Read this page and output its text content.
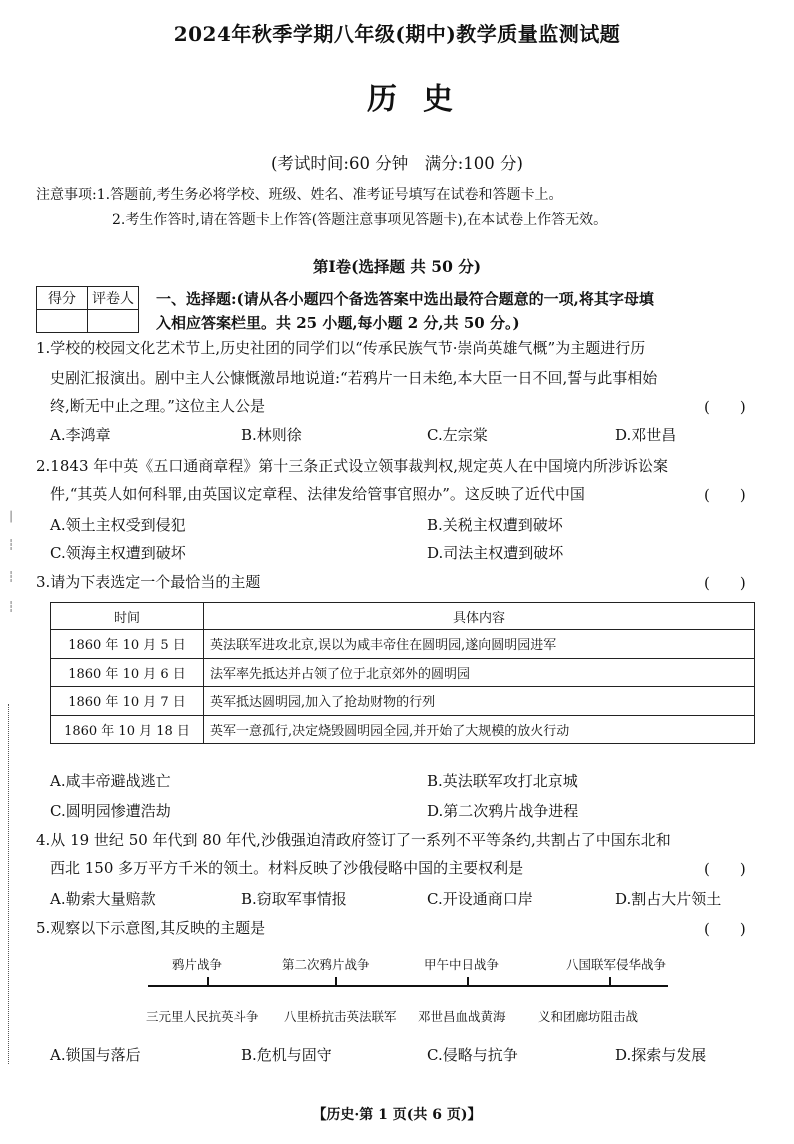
2024年秋季学期八年级(期中)教学质量监测试题
历史
(考试时间:60 分钟　满分:100 分)
注意事项:1.答题前,考生务必将学校、班级、姓名、准考证号填写在试卷和答题卡上。
2.考生作答时,请在答题卡上作答(答题注意事项见答题卡),在本试卷上作答无效。
第Ⅰ卷(选择题 共 50 分)
得分	评卷人
	一、选择题:(请从各小题四个备选答案中选出最符合题意的一项,将其字母填
入相应答案栏里。共 25 小题,每小题 2 分,共 50 分。)
1.学校的校园文化艺术节上,历史社团的同学们以“传承民族气节·崇尚英雄气概”为主题进行历
史剧汇报演出。剧中主人公慷慨激昂地说道:“若鸦片一日未绝,本大臣一日不回,誓与此事相始
终,断无中止之理。”这位主人公是	(　　)
A.李鸿章	B.林则徐	C.左宗棠	D.邓世昌
2.1843 年中英《五口通商章程》第十三条正式设立领事裁判权,规定英人在中国境内所涉诉讼案
件,“其英人如何科罪,由英国议定章程、法律发给管事官照办”。这反映了近代中国	(　　)
A.领土主权受到侵犯	B.关税主权遭到破坏
C.领海主权遭到破坏	D.司法主权遭到破坏
3.请为下表选定一个最恰当的主题	(　　)
时间	具体内容
1860 年 10 月 5 日	英法联军进攻北京,误以为咸丰帝住在圆明园,遂向圆明园进军
1860 年 10 月 6 日	法军率先抵达并占领了位于北京郊外的圆明园
1860 年 10 月 7 日	英军抵达圆明园,加入了抢劫财物的行列
1860 年 10 月 18 日	英军一意孤行,决定烧毁圆明园全园,并开始了大规模的放火行动
A.咸丰帝避战逃亡	B.英法联军攻打北京城
C.圆明园惨遭浩劫	D.第二次鸦片战争进程
4.从 19 世纪 50 年代到 80 年代,沙俄强迫清政府签订了一系列不平等条约,共割占了中国东北和
西北 150 多万平方千米的领土。材料反映了沙俄侵略中国的主要权利是	(　　)
A.勒索大量赔款	B.窃取军事情报	C.开设通商口岸	D.割占大片领土
5.观察以下示意图,其反映的主题是	(　　)
鸦片战争	第二次鸦片战争	甲午中日战争	八国联军侵华战争
三元里人民抗英斗争 八里桥抗击英法联军 邓世昌血战黄海	义和团廊坊阻击战
A.锁国与落后	B.危机与固守	C.侵略与抗争	D.探索与发展
│
┆
┆
┆
【历史·第 1 页(共 6 页)】
